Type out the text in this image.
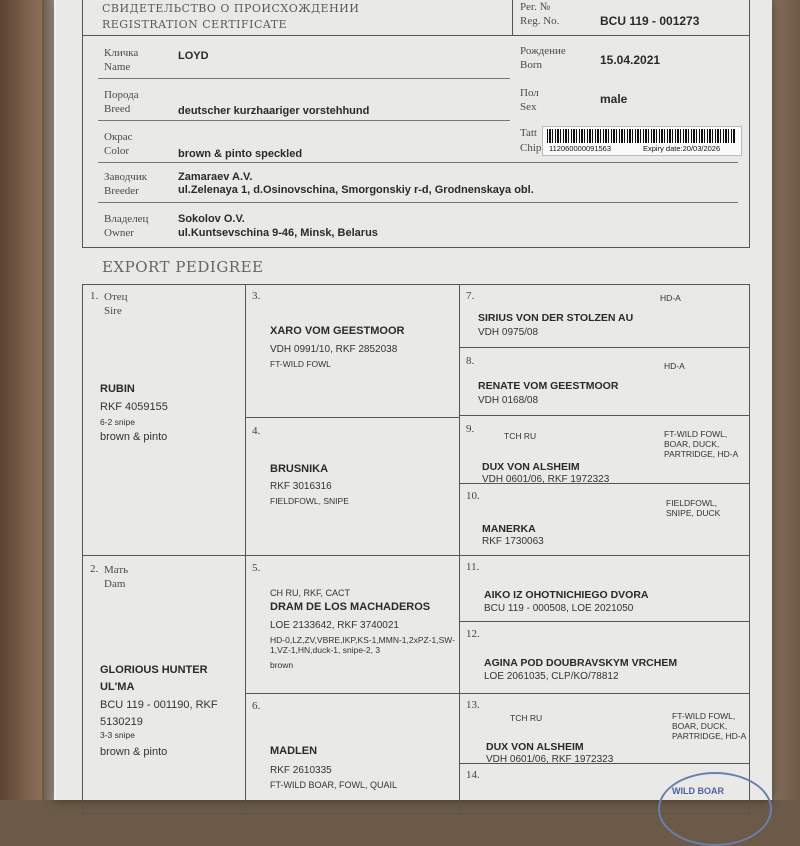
СВИДЕТЕЛЬСТВО О ПРОИСХОЖДЕНИИ
REGISTRATION CERTIFICATE
Рег. №
Reg. No.	BCU 119 - 001273
Кличка
Name
LOYD	Рождение
Born	15.04.2021
Порода
Breed	deutscher kurzhaariger vorstehhund
Пол
Sex
male
Окрас
Color	brown & pinto speckled
Tatt
Chip 112060000091563	Expiry date:20/03/2026
Заводчик
Breeder
Zamaraev A.V.
ul.Zelenaya 1, d.Osinovschina, Smorgonskiy r-d, Grodnenskaya obl.
Владелец
Owner
Sokolov O.V.
ul.Kuntsevschina 9-46, Minsk, Belarus
EXPORT PEDIGREE
1. Отец
Sire
RUBIN
RKF 4059155
6-2 snipe
brown & pinto
2. Мать
Dam
GLORIOUS HUNTER UL'MA
BCU 119 - 001190, RKF 5130219
3-3 snipe
brown & pinto
3.
XARO VOM GEESTMOOR
VDH 0991/10, RKF 2852038
FT-WILD FOWL
4.
BRUSNIKA
RKF 3016316
FIELDFOWL, SNIPE
5.
CH RU, RKF, CACT
DRAM DE LOS MACHADEROS
LOE 2133642, RKF 3740021
HD-0,LZ,ZV,VBRE,IKP,KS-1,MMN-1,2xPZ-1,SW-1,VZ-1,HN,duck-1, snipe-2, 3
brown
6.
MADLEN
RKF 2610335
FT-WILD BOAR, FOWL, QUAIL
7.	HD-A
SIRIUS VON DER STOLZEN AU
VDH 0975/08
8.	HD-A
RENATE VOM GEESTMOOR
VDH 0168/08
9.
TCH RU	FT-WILD FOWL, BOAR, DUCK, PARTRIDGE, HD-A
DUX VON ALSHEIM
VDH 0601/06, RKF 1972323
10.
FIELDFOWL, SNIPE, DUCK
MANERKA
RKF 1730063
11.
AIKO IZ OHOTNICHIEGO DVORA
BCU 119 - 000508, LOE 2021050
12.
AGINA POD DOUBRAVSKYM VRCHEM
LOE 2061035, CLP/KO/78812
13.
TCH RU	FT-WILD FOWL, BOAR, DUCK, PARTRIDGE, HD-A
DUX VON ALSHEIM
VDH 0601/06, RKF 1972323
14.
WILD BOAR
